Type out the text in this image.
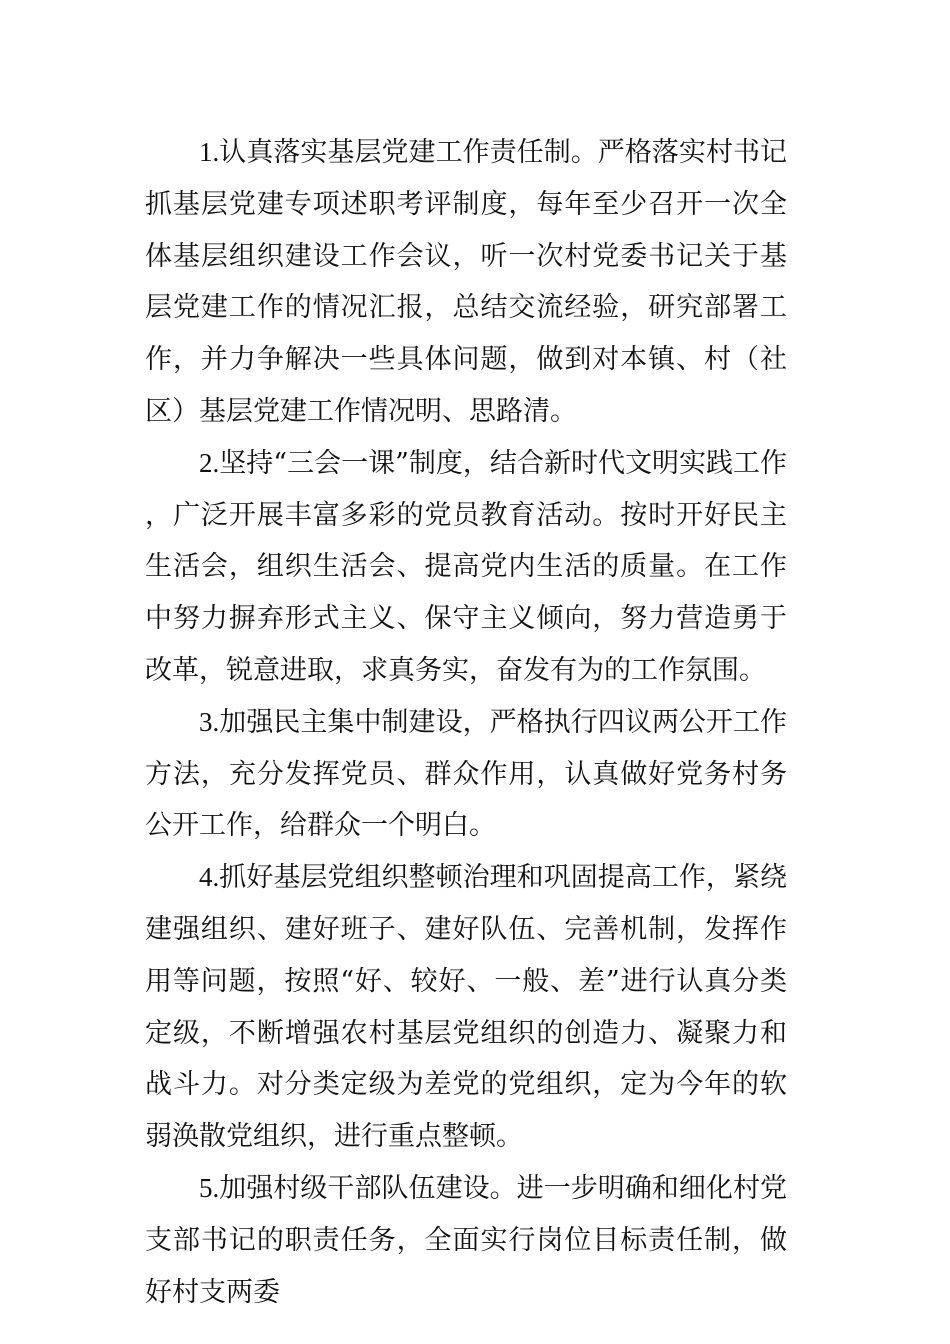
1.认真落实基层党建工作责任制。严格落实村书记抓基层党建专项述职考评制度，每年至少召开一次全体基层组织建设工作会议，听一次村党委书记关于基层党建工作的情况汇报，总结交流经验，研究部署工作，并力争解决一些具体问题，做到对本镇、村（社区）基层党建工作情况明、思路清。

2.坚持“三会一课”制度，结合新时代文明实践工作，广泛开展丰富多彩的党员教育活动。按时开好民主生活会，组织生活会、提高党内生活的质量。在工作中努力摒弃形式主义、保守主义倾向，努力营造勇于改革，锐意进取，求真务实，奋发有为的工作氛围。

3.加强民主集中制建设，严格执行四议两公开工作方法，充分发挥党员、群众作用，认真做好党务村务公开工作，给群众一个明白。

4.抓好基层党组织整顿治理和巩固提高工作，紧绕建强组织、建好班子、建好队伍、完善机制，发挥作用等问题，按照“好、较好、一般、差”进行认真分类定级，不断增强农村基层党组织的创造力、凝聚力和战斗力。对分类定级为差党的党组织，定为今年的软弱涣散党组织，进行重点整顿。

5.加强村级干部队伍建设。进一步明确和细化村党支部书记的职责任务，全面实行岗位目标责任制，做好村支两委
